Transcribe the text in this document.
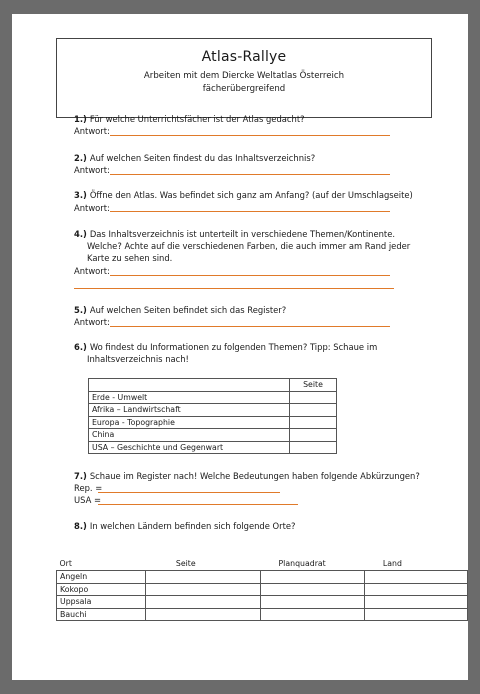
Atlas-Rallye
Arbeiten mit dem Diercke Weltatlas Österreich
fächerübergreifend
1.) Für welche Unterrichtsfächer ist der Atlas gedacht?
Antwort:
2.) Auf welchen Seiten findest du das Inhaltsverzeichnis?
Antwort:
3.) Öffne den Atlas. Was befindet sich ganz am Anfang? (auf der Umschlagseite)
Antwort:
4.) Das Inhaltsverzeichnis ist unterteilt in verschiedene Themen/Kontinente.
Welche? Achte auf die verschiedenen Farben, die auch immer am Rand jeder
Karte zu sehen sind.
Antwort:
5.) Auf welchen Seiten befindet sich das Register?
Antwort:
6.) Wo findest du Informationen zu folgenden Themen? Tipp: Schaue im
Inhaltsverzeichnis nach!
	Seite
Erde - Umwelt	
Afrika – Landwirtschaft	
Europa - Topographie	
China	
USA – Geschichte und Gegenwart	
7.) Schaue im Register nach! Welche Bedeutungen haben folgende Abkürzungen?
Rep. =
USA =
8.) In welchen Ländern befinden sich folgende Orte?
Ort	Seite	Planquadrat	Land
Angeln			
Kokopo			
Uppsala			
Bauchi			
